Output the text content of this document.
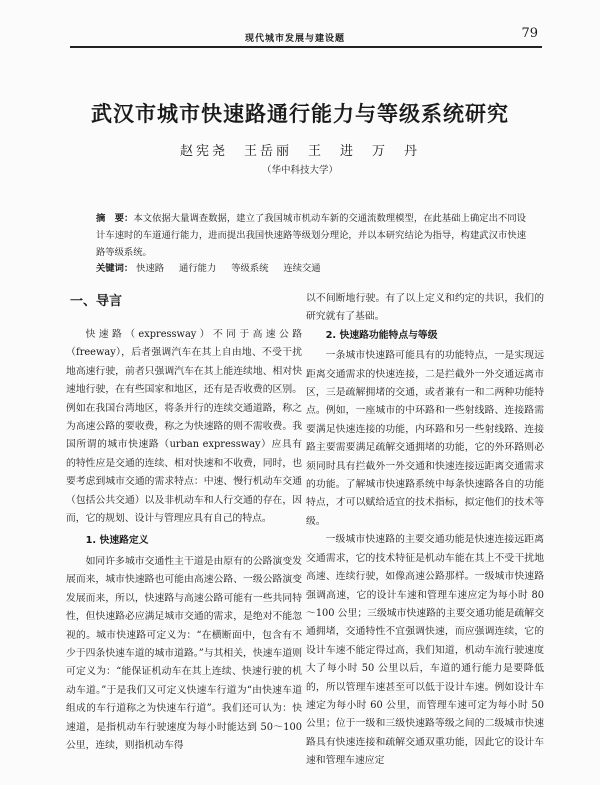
现代城市发展与建设题	79
武汉市城市快速路通行能力与等级系统研究
赵宪尧　王岳丽　王　进　万　丹
（华中科技大学）
摘　要：本文依据大量调查数据，建立了我国城市机动车新的交通流数理模型，在此基础上确定出不同设计车速时的车道通行能力，进而提出我国快速路等级划分理论，并以本研究结论为指导，构建武汉市快速路等级系统。
关键词： 快速路 通行能力 等级系统 连续交通
一、导言

快速路（expressway）不同于高速公路（freeway），后者强调汽车在其上自由地、不受干扰地高速行驶，前者只强调汽车在其上能连续地、相对快速地行驶，在有些国家和地区，还有是否收费的区别。例如在我国台湾地区，将条并行的连续交通道路，称之为高速公路的要收费，称之为快速路的则不需收费。我国所谓的城市快速路（urban expressway）应具有的特性应是交通的连续、相对快速和不收费，同时，也要考虑到城市交通的需求特点：中速、慢行机动车交通（包括公共交通）以及非机动车和人行交通的存在，因而，它的规划、设计与管理应具有自己的特点。

1. 快速路定义

如同许多城市交通性主干道是由原有的公路演变发展而来，城市快速路也可能由高速公路、一级公路演变发展而来，所以，快速路与高速公路可能有一些共同特性，但快速路必应满足城市交通的需求，是绝对不能忽视的。城市快速路可定义为：“在横断面中，包含有不少于四条快速车道的城市道路。”与其相关，快速车道则可定义为：“能保证机动车在其上连续、快速行驶的机动车道。”于是我们又可定义快速车行道为“由快速车道组成的车行道称之为快速车行道”。我们还可认为：快速道，是指机动车行驶速度为每小时能达到 50～100 公里，连续，则指机动车得

以不间断地行驶。有了以上定义和约定的共识，我们的研究就有了基础。

2. 快速路功能特点与等级

一条城市快速路可能具有的功能特点，一是实现远距离交通需求的快速连接，二是拦截外一外交通远离市区，三是疏解拥堵的交通，或者兼有一和二两种功能特点。例如，一座城市的中环路和一些射线路、连接路需要满足快速连接的功能，内环路和另一些射线路、连接路主要需要满足疏解交通拥堵的功能，它的外环路则必须同时具有拦截外一外交通和快速连接远距离交通需求的功能。了解城市快速路系统中每条快速路各自的功能特点，才可以赋给适宜的技术指标，拟定他们的技术等级。

一级城市快速路的主要交通功能是快速连接远距离交通需求，它的技术特征是机动车能在其上不受干扰地高速、连续行驶，如像高速公路那样。一级城市快速路强调高速，它的设计车速和管理车速应定为每小时 80～100 公里；三级城市快速路的主要交通功能是疏解交通拥堵，交通特性不宜强调快速，而应强调连续，它的设计车速不能定得过高，我们知道，机动车流行驶速度大了每小时 50 公里以后，车道的通行能力是要降低的，所以管理车速甚至可以低于设计车速。例如设计车速定为每小时 60 公里，而管理车速可定为每小时 50 公里；位于一级和三级快速路等级之间的二级城市快速路具有快速连接和疏解交通双重功能，因此它的设计车速和管理车速应定
